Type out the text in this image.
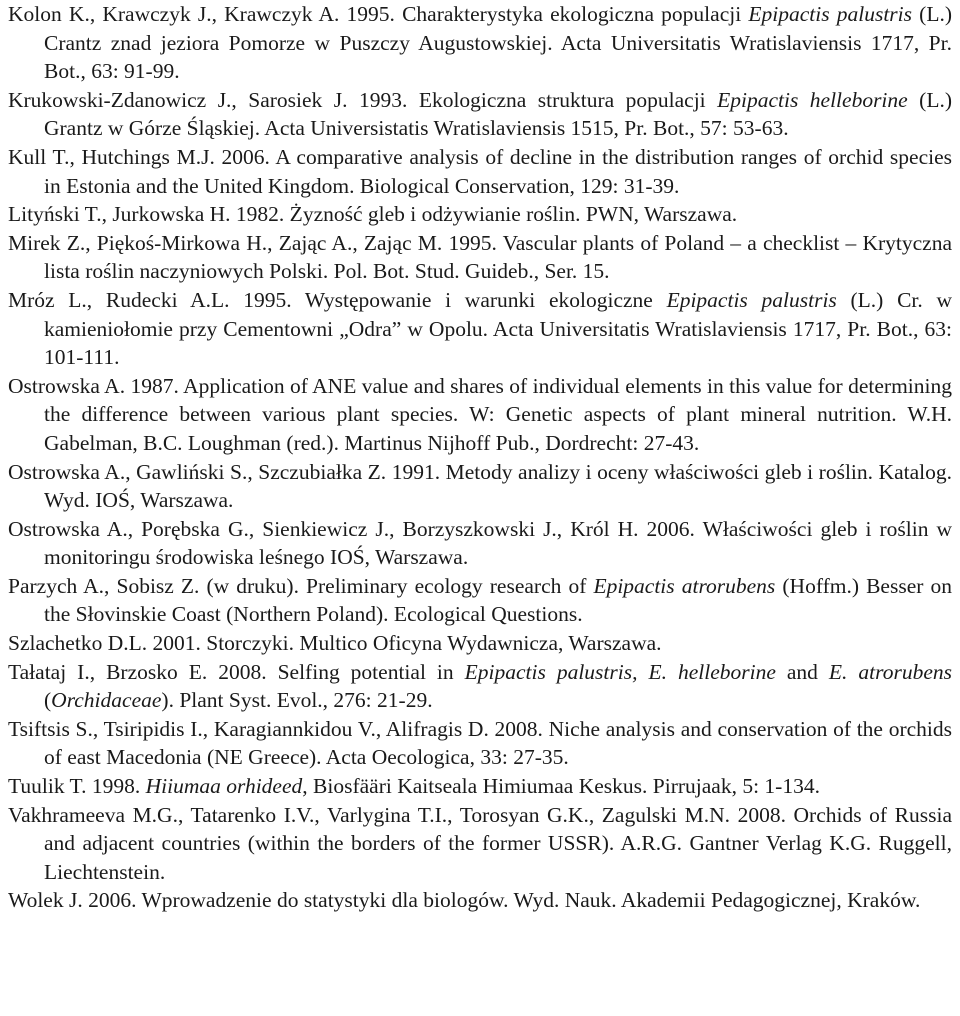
Kolon K., Krawczyk J., Krawczyk A. 1995. Charakterystyka ekologiczna populacji Epipactis palustris (L.) Crantz znad jeziora Pomorze w Puszczy Augustowskiej. Acta Universitatis Wratislaviensis 1717, Pr. Bot., 63: 91-99.
Krukowski-Zdanowicz J., Sarosiek J. 1993. Ekologiczna struktura populacji Epipactis helleborine (L.) Grantz w Górze Śląskiej. Acta Universistatis Wratislaviensis 1515, Pr. Bot., 57: 53-63.
Kull T., Hutchings M.J. 2006. A comparative analysis of decline in the distribution ranges of orchid species in Estonia and the United Kingdom. Biological Conservation, 129: 31-39.
Lityński T., Jurkowska H. 1982. Żyzność gleb i odżywianie roślin. PWN, Warszawa.
Mirek Z., Piękoś-Mirkowa H., Zając A., Zając M. 1995. Vascular plants of Poland – a checklist – Krytyczna lista roślin naczyniowych Polski. Pol. Bot. Stud. Guideb., Ser. 15.
Mróz L., Rudecki A.L. 1995. Występowanie i warunki ekologiczne Epipactis palustris (L.) Cr. w kamieniołomie przy Cementowni „Odra” w Opolu. Acta Universitatis Wratislaviensis 1717, Pr. Bot., 63: 101-111.
Ostrowska A. 1987. Application of ANE value and shares of individual elements in this value for determining the difference between various plant species. W: Genetic aspects of plant mineral nutrition. W.H. Gabelman, B.C. Loughman (red.). Martinus Nijhoff Pub., Dordrecht: 27-43.
Ostrowska A., Gawliński S., Szczubiałka Z. 1991. Metody analizy i oceny właściwości gleb i roślin. Katalog. Wyd. IOŚ, Warszawa.
Ostrowska A., Porębska G., Sienkiewicz J., Borzyszkowski J., Król H. 2006. Właściwości gleb i roślin w monitoringu środowiska leśnego IOŚ, Warszawa.
Parzych A., Sobisz Z. (w druku). Preliminary ecology research of Epipactis atrorubens (Hoffm.) Besser on the Słovinskie Coast (Northern Poland). Ecological Questions.
Szlachetko D.L. 2001. Storczyki. Multico Oficyna Wydawnicza, Warszawa.
Tałataj I., Brzosko E. 2008. Selfing potential in Epipactis palustris, E. helleborine and E. atrorubens (Orchidaceae). Plant Syst. Evol., 276: 21-29.
Tsiftsis S., Tsiripidis I., Karagiannkidou V., Alifragis D. 2008. Niche analysis and conservation of the orchids of east Macedonia (NE Greece). Acta Oecologica, 33: 27-35.
Tuulik T. 1998. Hiiumaa orhideed, Biosfääri Kaitseala Himiumaa Keskus. Pirrujaak, 5: 1-134.
Vakhrameeva M.G., Tatarenko I.V., Varlygina T.I., Torosyan G.K., Zagulski M.N. 2008. Orchids of Russia and adjacent countries (within the borders of the former USSR). A.R.G. Gantner Verlag K.G. Ruggell, Liechtenstein.
Wolek J. 2006. Wprowadzenie do statystyki dla biologów. Wyd. Nauk. Akademii Pedagogicznej, Kraków.
